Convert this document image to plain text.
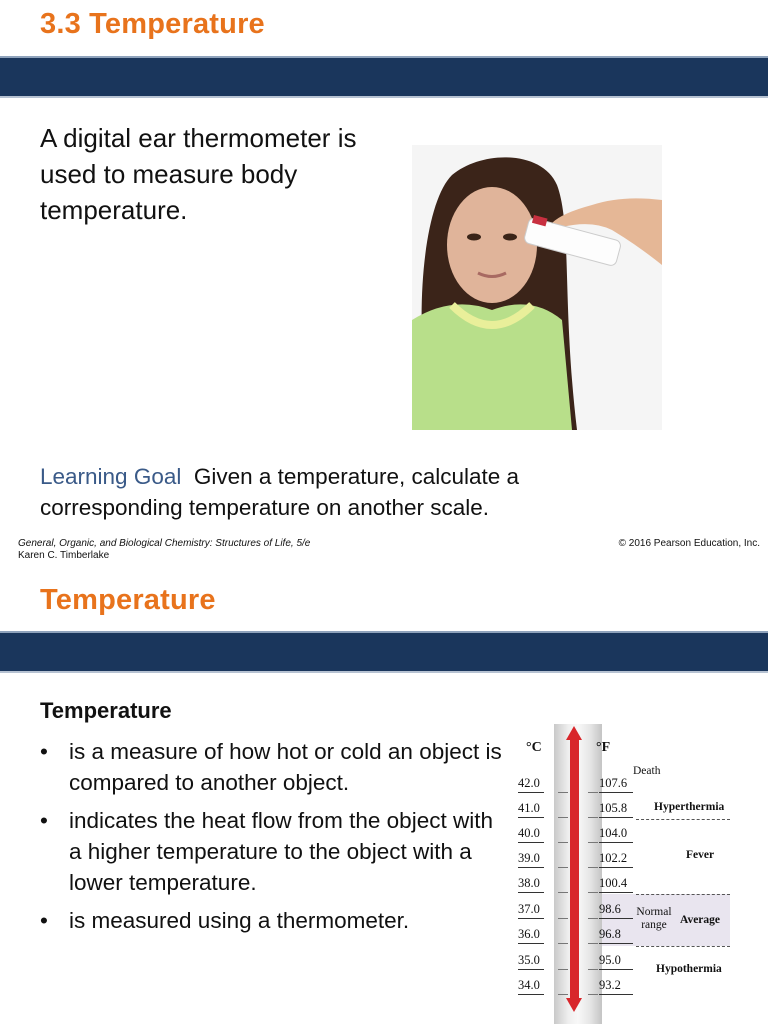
3.3 Temperature
A digital ear thermometer is used to measure body temperature.
Learning Goal Given a temperature, calculate a corresponding temperature on another scale.
General, Organic, and Biological Chemistry: Structures of Life, 5/e
Karen C. Timberlake
© 2016 Pearson Education, Inc.
Temperature
Temperature
• is a measure of how hot or cold an object is compared to another object.
• indicates the heat flow from the object with a higher temperature to the object with a lower temperature.
• is measured using a thermometer.
°C	°F
42.0	107.6
41.0	105.8
40.0	104.0
39.0	102.2
38.0	100.4
37.0	98.6
36.0	96.8
35.0	95.0
34.0	93.2
Death
Hyperthermia
Fever
Normal
range	Average
Hypothermia
